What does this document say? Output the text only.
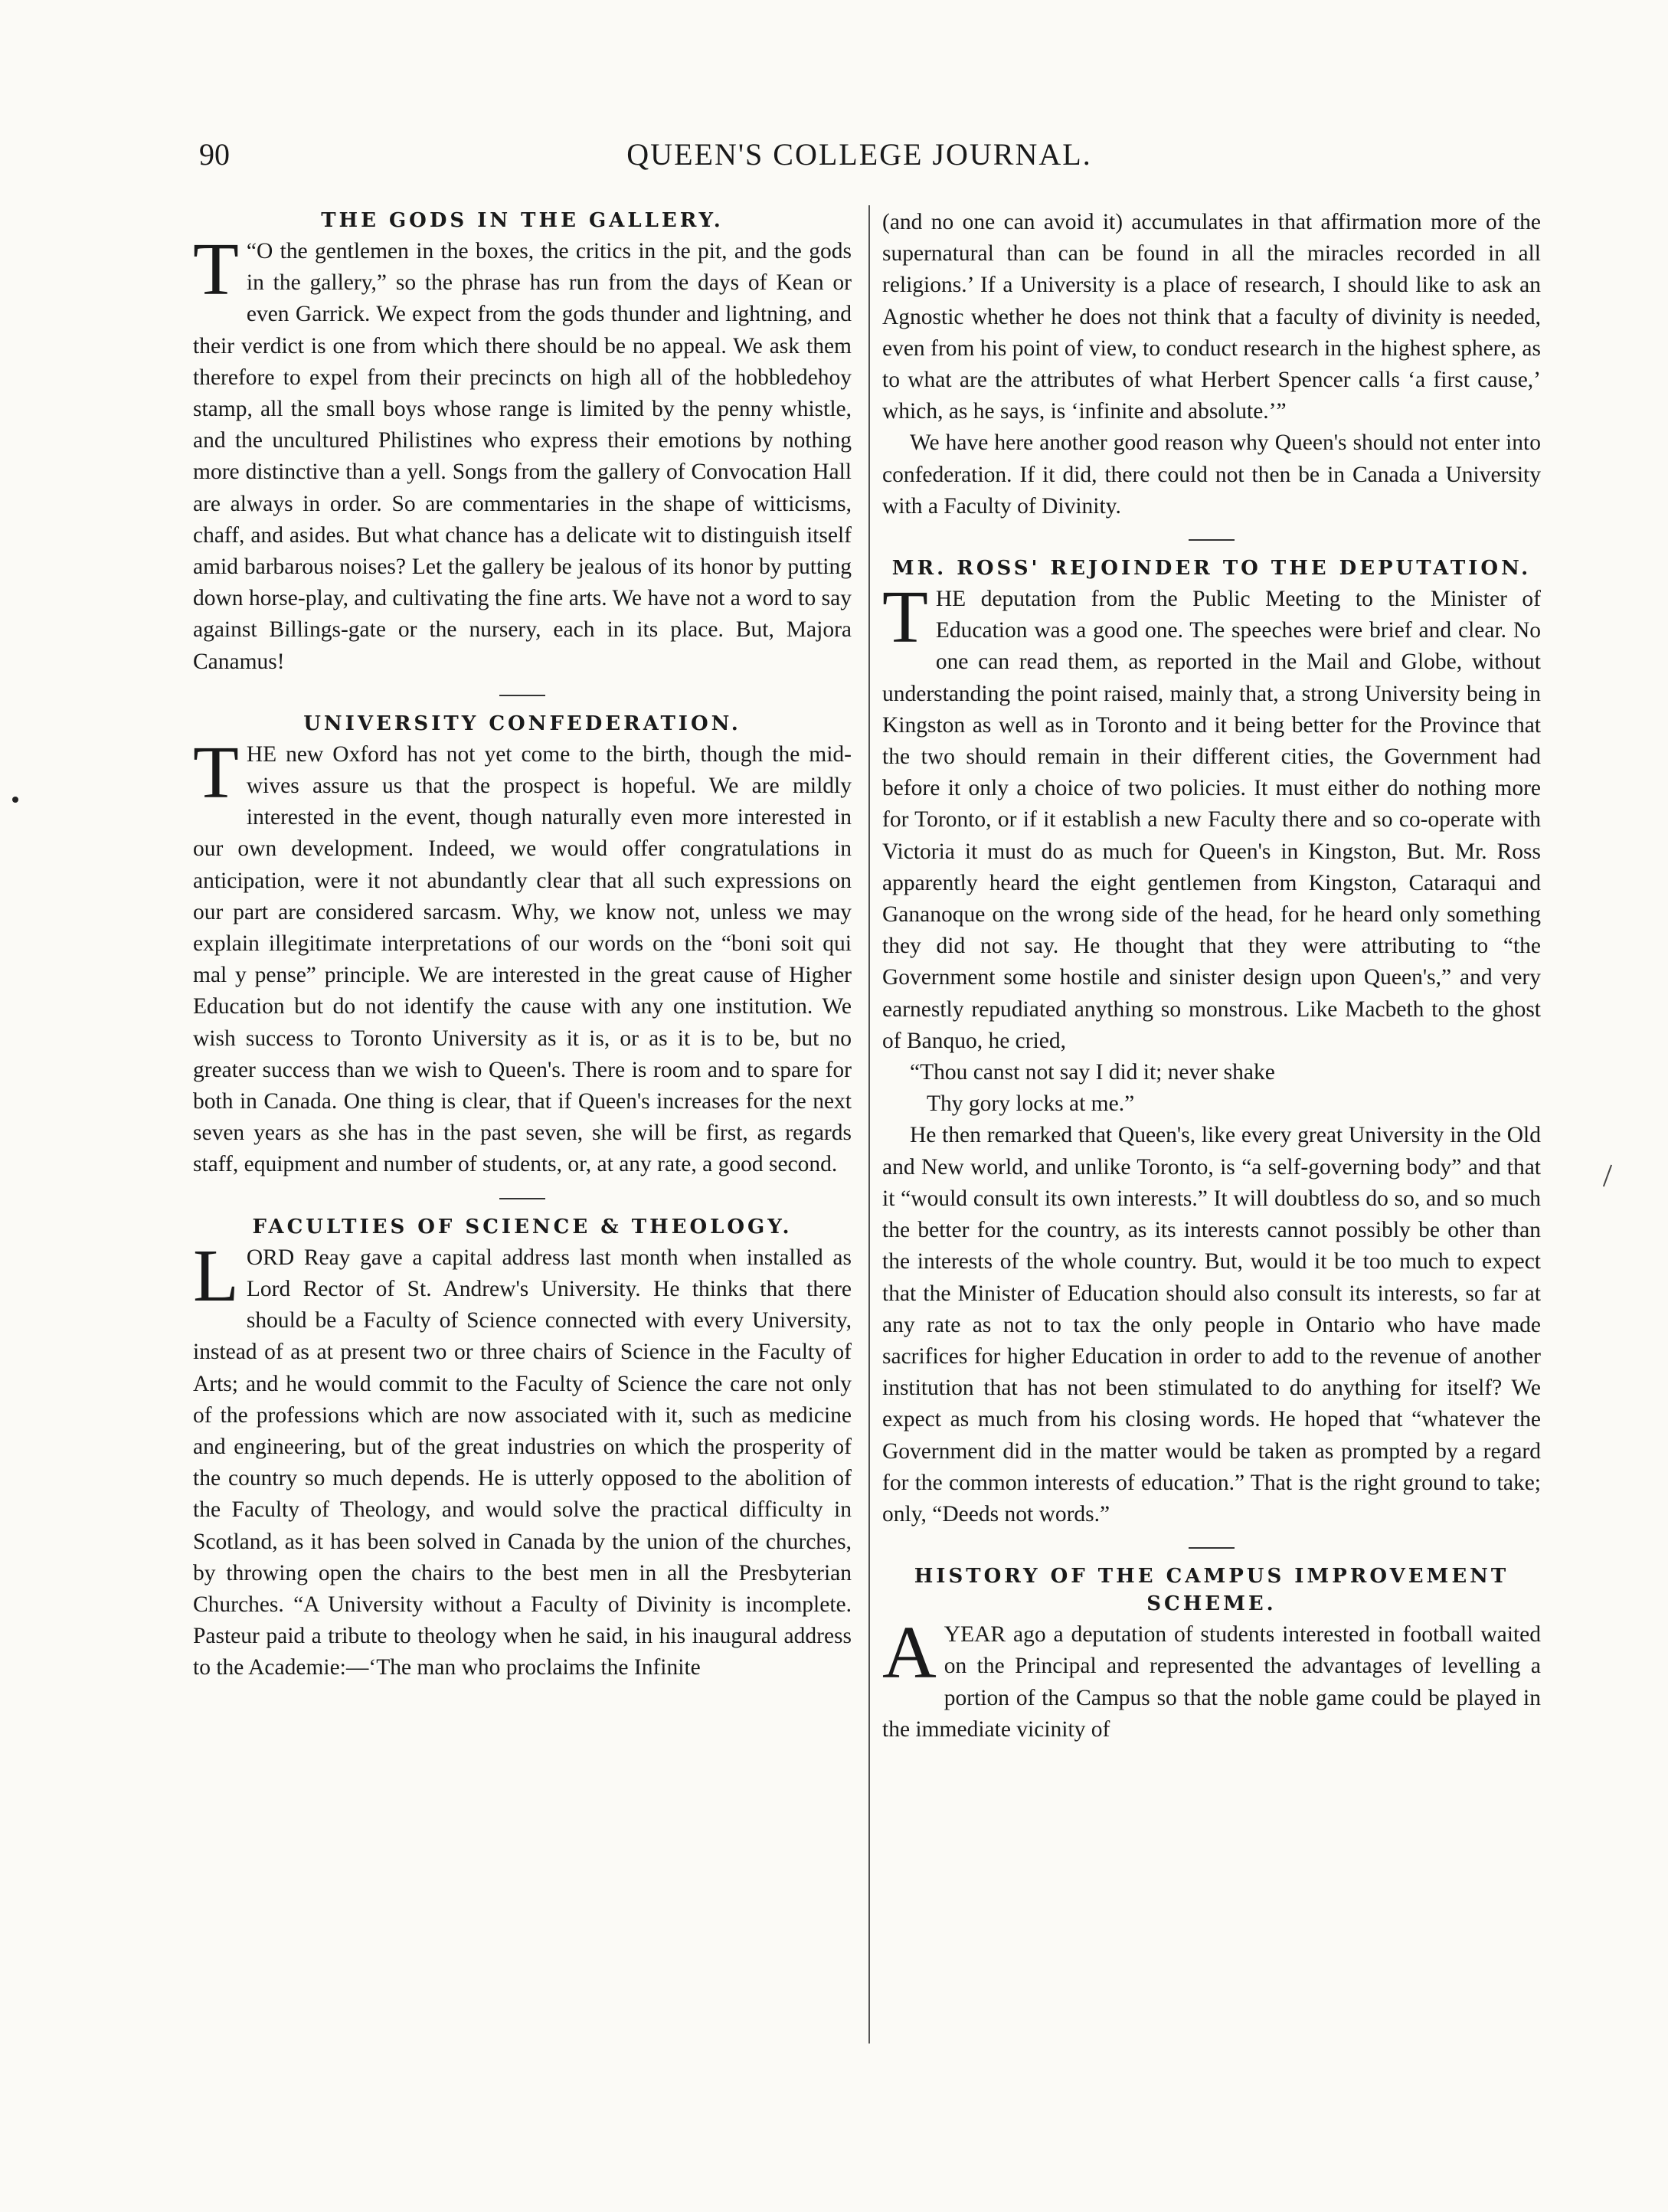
90	QUEEN'S COLLEGE JOURNAL.
THE GODS IN THE GALLERY.

T “O the gentlemen in the boxes, the critics in the pit, and the gods in the gallery,” so the phrase has run from the days of Kean or even Garrick. We expect from the gods thunder and lightning, and their verdict is one from which there should be no appeal. We ask them therefore to expel from their precincts on high all of the hobbledehoy stamp, all the small boys whose range is limited by the penny whistle, and the uncultured Philistines who express their emotions by nothing more distinctive than a yell. Songs from the gallery of Convocation Hall are always in order. So are commentaries in the shape of witticisms, chaff, and asides. But what chance has a delicate wit to distinguish itself amid barbarous noises? Let the gallery be jealous of its honor by putting down horse-play, and cultivating the fine arts. We have not a word to say against Billings-gate or the nursery, each in its place. But, Majora Canamus!

UNIVERSITY CONFEDERATION.

T HE new Oxford has not yet come to the birth, though the mid-wives assure us that the prospect is hopeful. We are mildly interested in the event, though naturally even more interested in our own development. Indeed, we would offer congratulations in anticipation, were it not abundantly clear that all such expressions on our part are considered sarcasm. Why, we know not, unless we may explain illegitimate interpretations of our words on the “boni soit qui mal y pense” principle. We are interested in the great cause of Higher Education but do not identify the cause with any one institution. We wish success to Toronto University as it is, or as it is to be, but no greater success than we wish to Queen's. There is room and to spare for both in Canada. One thing is clear, that if Queen's increases for the next seven years as she has in the past seven, she will be first, as regards staff, equipment and number of students, or, at any rate, a good second.

FACULTIES OF SCIENCE & THEOLOGY.

L ORD Reay gave a capital address last month when installed as Lord Rector of St. Andrew's University. He thinks that there should be a Faculty of Science connected with every University, instead of as at present two or three chairs of Science in the Faculty of Arts; and he would commit to the Faculty of Science the care not only of the professions which are now associated with it, such as medicine and engineering, but of the great industries on which the prosperity of the country so much depends. He is utterly opposed to the abolition of the Faculty of Theology, and would solve the practical difficulty in Scotland, as it has been solved in Canada by the union of the churches, by throwing open the chairs to the best men in all the Presbyterian Churches. “A University without a Faculty of Divinity is incomplete. Pasteur paid a tribute to theology when he said, in his inaugural address to the Academie:—‘The man who proclaims the Infinite

(and no one can avoid it) accumulates in that affirmation more of the supernatural than can be found in all the miracles recorded in all religions.’ If a University is a place of research, I should like to ask an Agnostic whether he does not think that a faculty of divinity is needed, even from his point of view, to conduct research in the highest sphere, as to what are the attributes of what Herbert Spencer calls ‘a first cause,’ which, as he says, is ‘infinite and absolute.’”

We have here another good reason why Queen's should not enter into confederation. If it did, there could not then be in Canada a University with a Faculty of Divinity.

MR. ROSS' REJOINDER TO THE DEPUTATION.

T HE deputation from the Public Meeting to the Minister of Education was a good one. The speeches were brief and clear. No one can read them, as reported in the Mail and Globe, without understanding the point raised, mainly that, a strong University being in Kingston as well as in Toronto and it being better for the Province that the two should remain in their different cities, the Government had before it only a choice of two policies. It must either do nothing more for Toronto, or if it establish a new Faculty there and so co-operate with Victoria it must do as much for Queen's in Kingston, But. Mr. Ross apparently heard the eight gentlemen from Kingston, Cataraqui and Gananoque on the wrong side of the head, for he heard only something they did not say. He thought that they were attributing to “the Government some hostile and sinister design upon Queen's,” and very earnestly repudiated anything so monstrous. Like Macbeth to the ghost of Banquo, he cried,

“Thou canst not say I did it; never shake
Thy gory locks at me.”

He then remarked that Queen's, like every great University in the Old and New world, and unlike Toronto, is “a self-governing body” and that it “would consult its own interests.” It will doubtless do so, and so much the better for the country, as its interests cannot possibly be other than the interests of the whole country. But, would it be too much to expect that the Minister of Education should also consult its interests, so far at any rate as not to tax the only people in Ontario who have made sacrifices for higher Education in order to add to the revenue of another institution that has not been stimulated to do anything for itself? We expect as much from his closing words. He hoped that “whatever the Government did in the matter would be taken as prompted by a regard for the common interests of education.” That is the right ground to take; only, “Deeds not words.”

HISTORY OF THE CAMPUS IMPROVEMENT SCHEME.

A YEAR ago a deputation of students interested in football waited on the Principal and represented the advantages of levelling a portion of the Campus so that the noble game could be played in the immediate vicinity of
